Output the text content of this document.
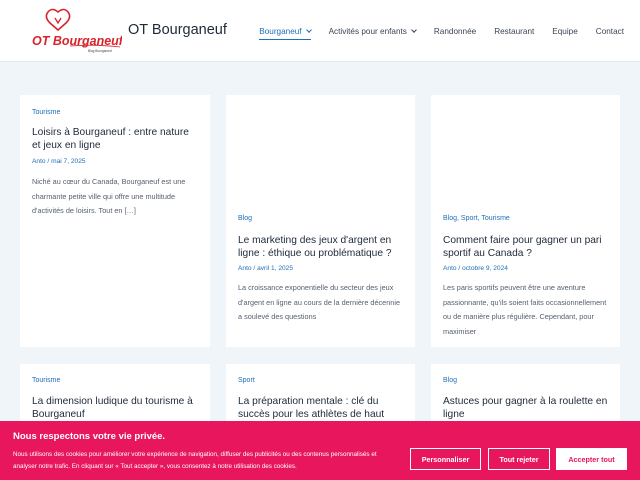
OT Bourganeuf
Blog Bourganeuf
OT Bourganeuf	Bourganeuf	Activités pour enfants	Randonnée Restaurant Equipe Contact
Tourisme
Loisirs à Bourganeuf : entre nature et jeux en ligne
Anto / mai 7, 2025
Niché au cœur du Canada, Bourganeuf est une charmante petite ville qui offre une multitude d'activités de loisirs. Tout en […]
Blog
Le marketing des jeux d'argent en ligne : éthique ou problématique ?
Anto / avril 1, 2025
La croissance exponentielle du secteur des jeux d'argent en ligne au cours de la dernière décennie a soulevé des questions
Blog, Sport, Tourisme
Comment faire pour gagner un pari sportif au Canada ?
Anto / octobre 9, 2024
Les paris sportifs peuvent être une aventure passionnante, qu'ils soient faits occasionnellement ou de manière plus régulière. Cependant, pour maximiser
Tourisme
La dimension ludique du tourisme à Bourganeuf
Sport
La préparation mentale : clé du succès pour les athlètes de haut
Blog
Astuces pour gagner à la roulette en ligne
Nous respectons votre vie privée.
Nous utilisons des cookies pour améliorer votre expérience de navigation, diffuser des publicités ou des contenus personnalisés et analyser notre trafic. En cliquant sur « Tout accepter », vous consentez à notre utilisation des cookies.
Personnaliser	Tout rejeter	Accepter tout
